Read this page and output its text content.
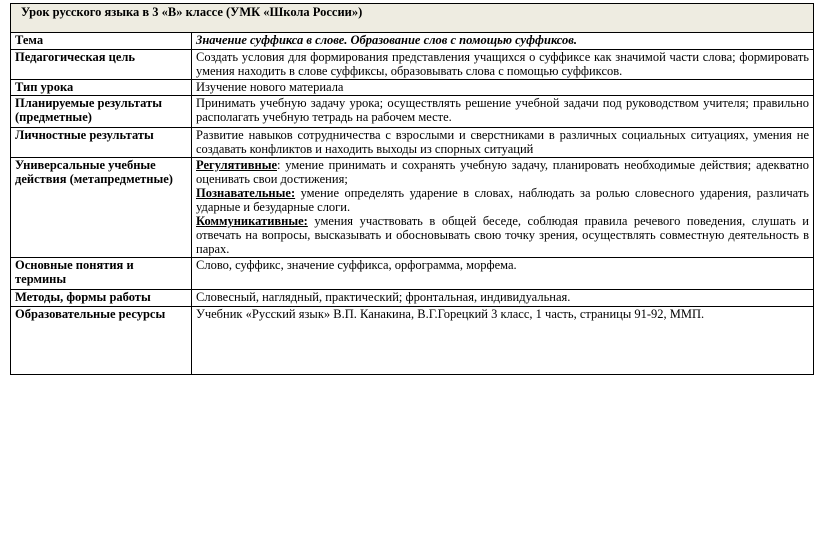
Урок русского языка в 3 «В» классе (УМК «Школа России»)
Тема	Значение суффикса в слове. Образование слов с помощью суффиксов.
Педагогическая цель	Создать условия для формирования представления учащихся о суффиксе как значимой части слова; формировать умения находить в слове суффиксы, образовывать слова с помощью суффиксов.
Тип урока	Изучение нового материала
Планируемые результаты (предметные)	Принимать учебную задачу урока; осуществлять решение учебной задачи под руководством учителя; правильно располагать учебную тетрадь на рабочем месте.
Личностные результаты	Развитие навыков сотрудничества с взрослыми и сверстниками в различных социальных ситуациях, умения не создавать конфликтов и находить выходы из спорных ситуаций
Универсальные учебные действия (метапредметные)	Регулятивные: умение принимать и сохранять учебную задачу, планировать необходимые действия; адекватно оценивать свои достижения;
Познавательные: умение определять ударение в словах, наблюдать за ролью словесного ударения, различать ударные и безударные слоги.
Коммуникативные: умения участвовать в общей беседе, соблюдая правила речевого поведения, слушать и отвечать на вопросы, высказывать и обосновывать свою точку зрения, осуществлять совместную деятельность в парах.

Основные понятия и термины	Слово, суффикс, значение суффикса, орфограмма, морфема.
Методы, формы работы	Словесный, наглядный, практический; фронтальная, индивидуальная.
Образовательные ресурсы	Учебник «Русский язык» В.П. Канакина, В.Г.Горецкий 3 класс, 1 часть, страницы 91-92, ММП.
